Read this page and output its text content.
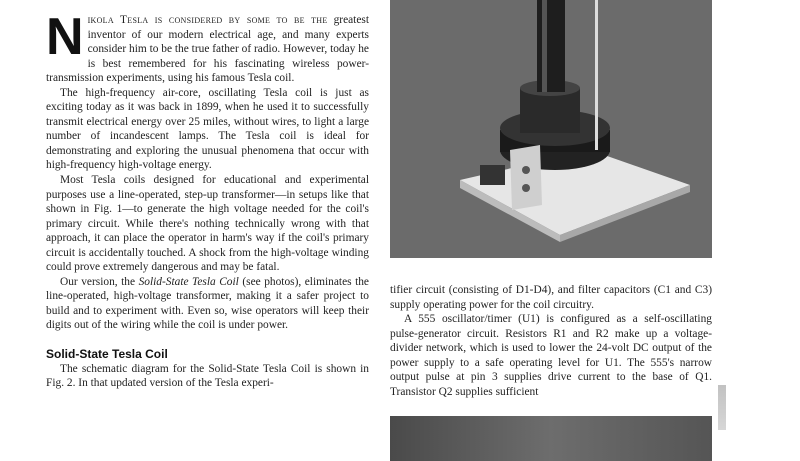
Nikola Tesla is considered by some to be the greatest inventor of our modern electrical age, and many experts consider him to be the true father of radio. However, today he is best remembered for his fascinating wireless power-transmission experiments, using his famous Tesla coil.

The high-frequency air-core, oscillating Tesla coil is just as exciting today as it was back in 1899, when he used it to successfully transmit electrical energy over 25 miles, without wires, to light a large number of incandescent lamps. The Tesla coil is ideal for demonstrating and exploring the unusual phenomena that occur with high-frequency high-voltage energy.

Most Tesla coils designed for educational and experimental purposes use a line-operated, step-up transformer—in setups like that shown in Fig. 1—to generate the high voltage needed for the coil's primary circuit. While there's nothing technically wrong with that approach, it can place the operator in harm's way if the coil's primary circuit is accidentally touched. A shock from the high-voltage winding could prove extremely dangerous and may be fatal.

Our version, the Solid-State Tesla Coil (see photos), eliminates the line-operated, high-voltage transformer, making it a safer project to build and to experiment with. Even so, wise operators will keep their digits out of the wiring while the coil is under power.

Solid-State Tesla Coil

The schematic diagram for the Solid-State Tesla Coil is shown in Fig. 2. In that updated version of the Tesla experi-

tifier circuit (consisting of D1-D4), and filter capacitors (C1 and C3) supply operating power for the coil circuitry.

A 555 oscillator/timer (U1) is configured as a self-oscillating pulse-generator circuit. Resistors R1 and R2 make up a voltage-divider network, which is used to lower the 24-volt DC output of the power supply to a safe operating level for U1. The 555's narrow output pulse at pin 3 supplies drive current to the base of Q1. Transistor Q2 supplies sufficient
